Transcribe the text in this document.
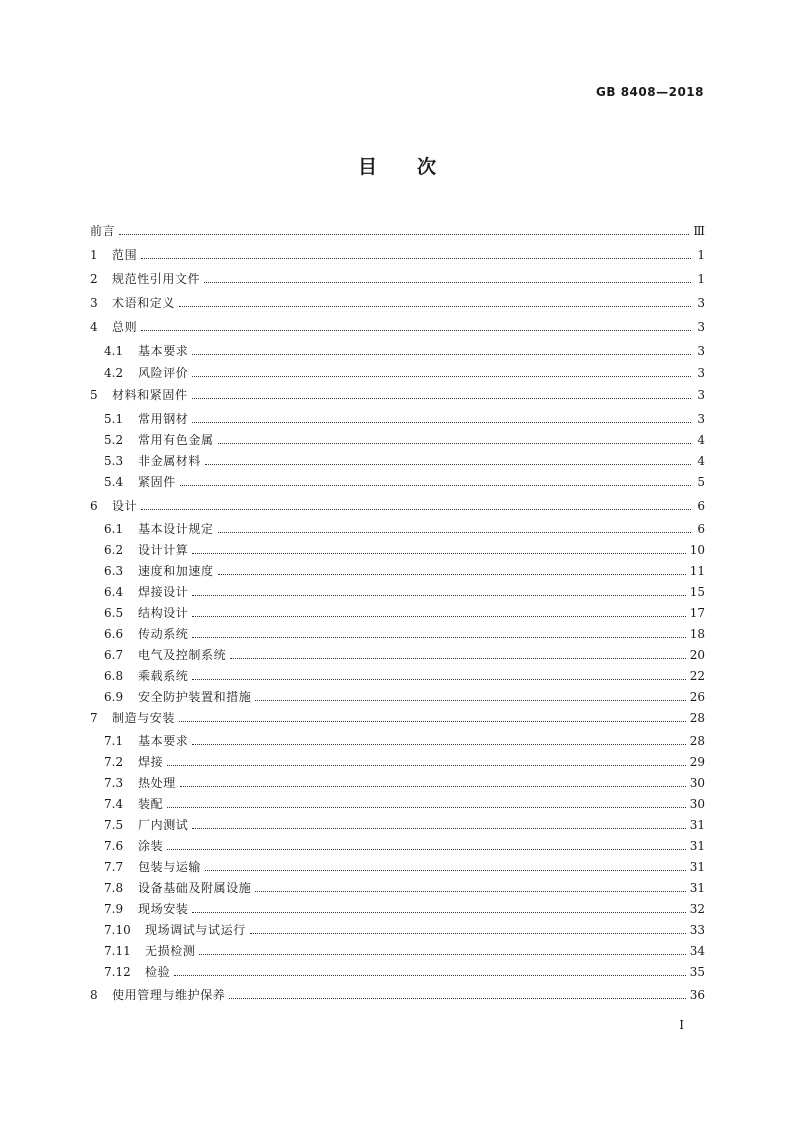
GB 8408—2018
目次
前言	Ⅲ
1	范围	1
2	规范性引用文件	1
3	术语和定义	3
4	总则	3
4.1	基本要求	3
4.2	风险评价	3
5	材料和紧固件	3
5.1	常用钢材	3
5.2	常用有色金属	4
5.3	非金属材料	4
5.4	紧固件	5
6	设计	6
6.1	基本设计规定	6
6.2	设计计算	10
6.3	速度和加速度	11
6.4	焊接设计	15
6.5	结构设计	17
6.6	传动系统	18
6.7	电气及控制系统	20
6.8	乘载系统	22
6.9	安全防护装置和措施	26
7	制造与安装	28
7.1	基本要求	28
7.2	焊接	29
7.3	热处理	30
7.4	装配	30
7.5	厂内测试	31
7.6	涂装	31
7.7	包装与运输	31
7.8	设备基础及附属设施	31
7.9	现场安装	32
7.10	现场调试与试运行	33
7.11	无损检测	34
7.12	检验	35
8	使用管理与维护保养	36
I
